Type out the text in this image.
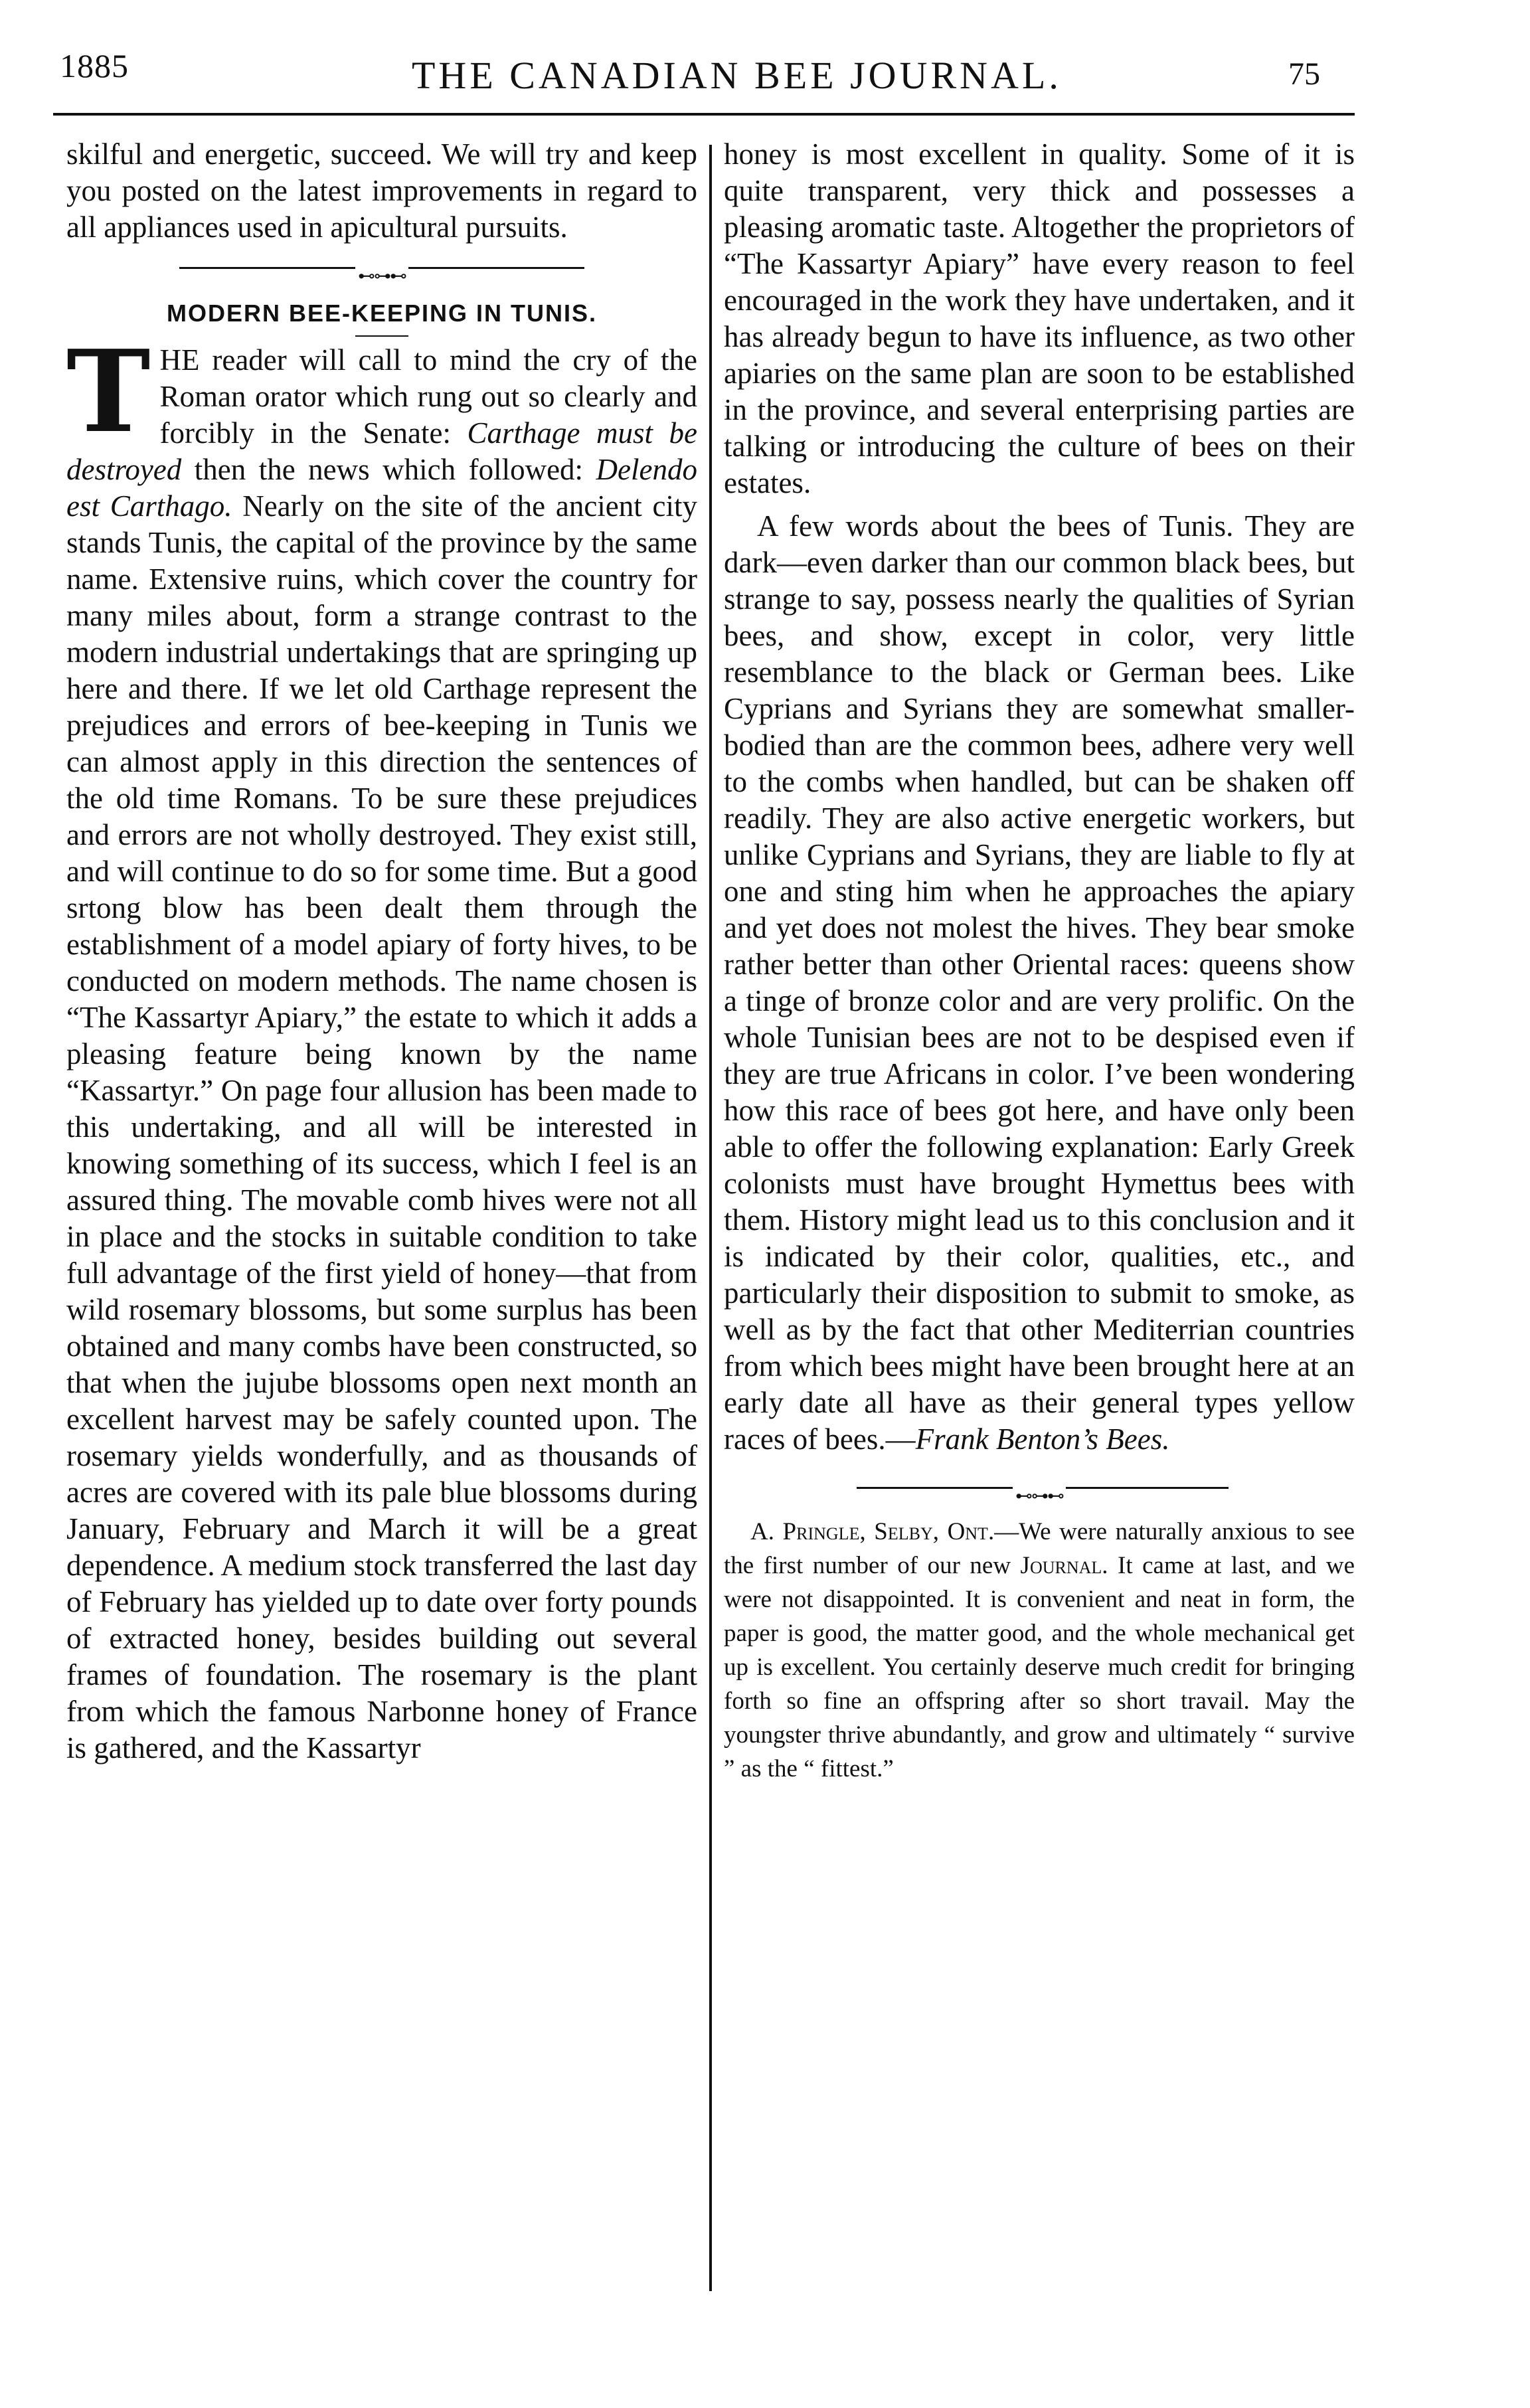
1885	THE CANADIAN BEE JOURNAL.	75

skilful and energetic, succeed. We will try and keep you posted on the latest improvements in regard to all appliances used in apicultural pursuits.

⊷⊶⊷
MODERN BEE-KEEPING IN TUNIS.

THE reader will call to mind the cry of the Roman orator which rung out so clearly and forcibly in the Senate: Carthage must be destroyed then the news which followed: Delendo est Carthago. Nearly on the site of the ancient city stands Tunis, the capital of the province by the same name. Extensive ruins, which cover the country for many miles about, form a strange contrast to the modern industrial undertakings that are springing up here and there. If we let old Carthage represent the prejudices and errors of bee-keeping in Tunis we can almost apply in this direction the sentences of the old time Romans. To be sure these prejudices and errors are not wholly destroyed. They exist still, and will continue to do so for some time. But a good srtong blow has been dealt them through the establishment of a model apiary of forty hives, to be conducted on modern methods. The name chosen is “The Kassartyr Apiary,” the estate to which it adds a pleasing feature being known by the name “Kassartyr.” On page four allusion has been made to this undertaking, and all will be interested in knowing something of its success, which I feel is an assured thing. The movable comb hives were not all in place and the stocks in suitable condition to take full advantage of the first yield of honey—that from wild rosemary blossoms, but some surplus has been obtained and many combs have been constructed, so that when the jujube blossoms open next month an excellent harvest may be safely counted upon. The rosemary yields wonderfully, and as thousands of acres are covered with its pale blue blossoms during January, February and March it will be a great dependence. A medium stock transferred the last day of February has yielded up to date over forty pounds of extracted honey, besides building out several frames of foundation. The rosemary is the plant from which the famous Narbonne honey of France is gathered, and the Kassartyr

honey is most excellent in quality. Some of it is quite transparent, very thick and possesses a pleasing aromatic taste. Altogether the proprietors of “The Kassartyr Apiary” have every reason to feel encouraged in the work they have undertaken, and it has already begun to have its influence, as two other apiaries on the same plan are soon to be established in the province, and several enterprising parties are talking or introducing the culture of bees on their estates.

A few words about the bees of Tunis. They are dark—even darker than our common black bees, but strange to say, possess nearly the qualities of Syrian bees, and show, except in color, very little resemblance to the black or German bees. Like Cyprians and Syrians they are somewhat smaller-bodied than are the common bees, adhere very well to the combs when handled, but can be shaken off readily. They are also active energetic workers, but unlike Cyprians and Syrians, they are liable to fly at one and sting him when he approaches the apiary and yet does not molest the hives. They bear smoke rather better than other Oriental races: queens show a tinge of bronze color and are very prolific. On the whole Tunisian bees are not to be despised even if they are true Africans in color. I’ve been wondering how this race of bees got here, and have only been able to offer the following explanation: Early Greek colonists must have brought Hymettus bees with them. History might lead us to this conclusion and it is indicated by their color, qualities, etc., and particularly their disposition to submit to smoke, as well as by the fact that other Mediterrian countries from which bees might have been brought here at an early date all have as their general types yellow races of bees.—Frank Benton’s Bees.

⊷⊶⊷

A. Pringle, Selby, Ont.—We were naturally anxious to see the first number of our new Journal. It came at last, and we were not disappointed. It is convenient and neat in form, the paper is good, the matter good, and the whole mechanical get up is excellent. You certainly deserve much credit for bringing forth so fine an offspring after so short travail. May the youngster thrive abundantly, and grow and ultimately “ survive ” as the “ fittest.”
